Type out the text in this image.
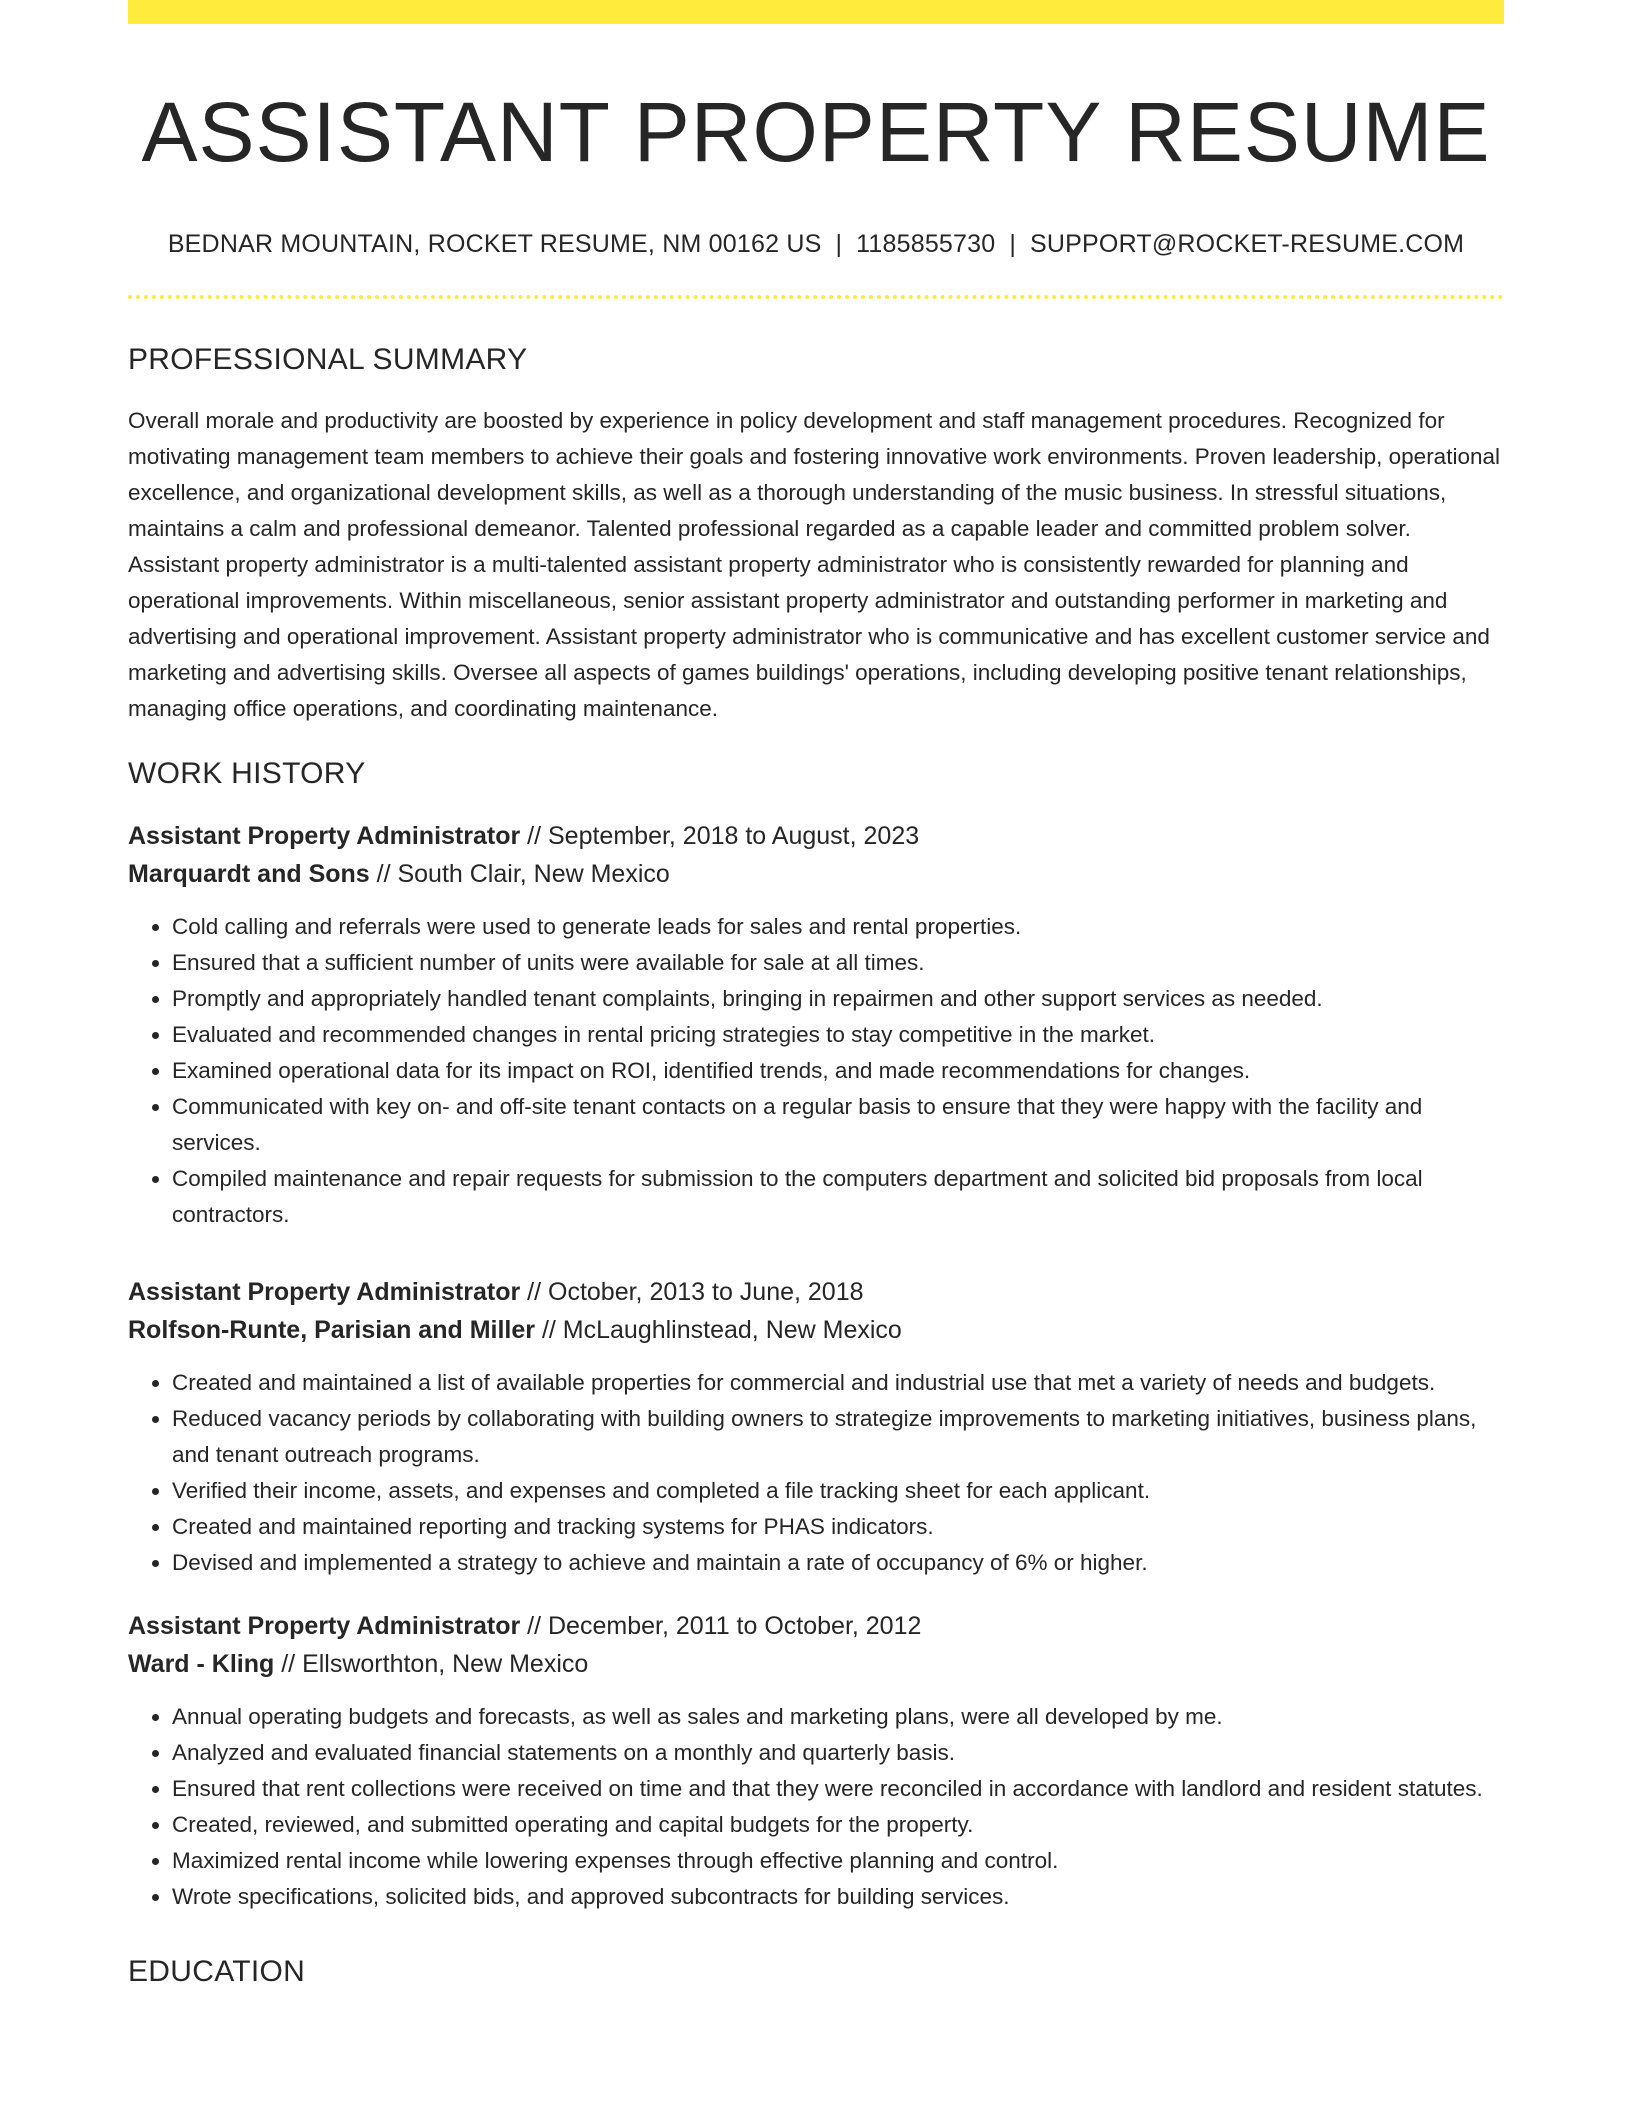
ASSISTANT PROPERTY RESUME
BEDNAR MOUNTAIN, ROCKET RESUME, NM 00162 US | 1185855730 | SUPPORT@ROCKET-RESUME.COM
PROFESSIONAL SUMMARY

Overall morale and productivity are boosted by experience in policy development and staff management procedures. Recognized for motivating management team members to achieve their goals and fostering innovative work environments. Proven leadership, operational excellence, and organizational development skills, as well as a thorough understanding of the music business. In stressful situations, maintains a calm and professional demeanor. Talented professional regarded as a capable leader and committed problem solver. Assistant property administrator is a multi-talented assistant property administrator who is consistently rewarded for planning and operational improvements. Within miscellaneous, senior assistant property administrator and outstanding performer in marketing and advertising and operational improvement. Assistant property administrator who is communicative and has excellent customer service and marketing and advertising skills. Oversee all aspects of games buildings' operations, including developing positive tenant relationships, managing office operations, and coordinating maintenance.

WORK HISTORY
Assistant Property Administrator // September, 2018 to August, 2023
Marquardt and Sons // South Clair, New Mexico
• Cold calling and referrals were used to generate leads for sales and rental properties.
• Ensured that a sufficient number of units were available for sale at all times.
• Promptly and appropriately handled tenant complaints, bringing in repairmen and other support services as needed.
• Evaluated and recommended changes in rental pricing strategies to stay competitive in the market.
• Examined operational data for its impact on ROI, identified trends, and made recommendations for changes.
• Communicated with key on- and off-site tenant contacts on a regular basis to ensure that they were happy with the facility and services.
• Compiled maintenance and repair requests for submission to the computers department and solicited bid proposals from local contractors.
Assistant Property Administrator // October, 2013 to June, 2018
Rolfson-Runte, Parisian and Miller // McLaughlinstead, New Mexico
• Created and maintained a list of available properties for commercial and industrial use that met a variety of needs and budgets.
• Reduced vacancy periods by collaborating with building owners to strategize improvements to marketing initiatives, business plans, and tenant outreach programs.
• Verified their income, assets, and expenses and completed a file tracking sheet for each applicant.
• Created and maintained reporting and tracking systems for PHAS indicators.
• Devised and implemented a strategy to achieve and maintain a rate of occupancy of 6% or higher.
Assistant Property Administrator // December, 2011 to October, 2012
Ward - Kling // Ellsworthton, New Mexico
• Annual operating budgets and forecasts, as well as sales and marketing plans, were all developed by me.
• Analyzed and evaluated financial statements on a monthly and quarterly basis.
• Ensured that rent collections were received on time and that they were reconciled in accordance with landlord and resident statutes.
• Created, reviewed, and submitted operating and capital budgets for the property.
• Maximized rental income while lowering expenses through effective planning and control.
• Wrote specifications, solicited bids, and approved subcontracts for building services.
EDUCATION
